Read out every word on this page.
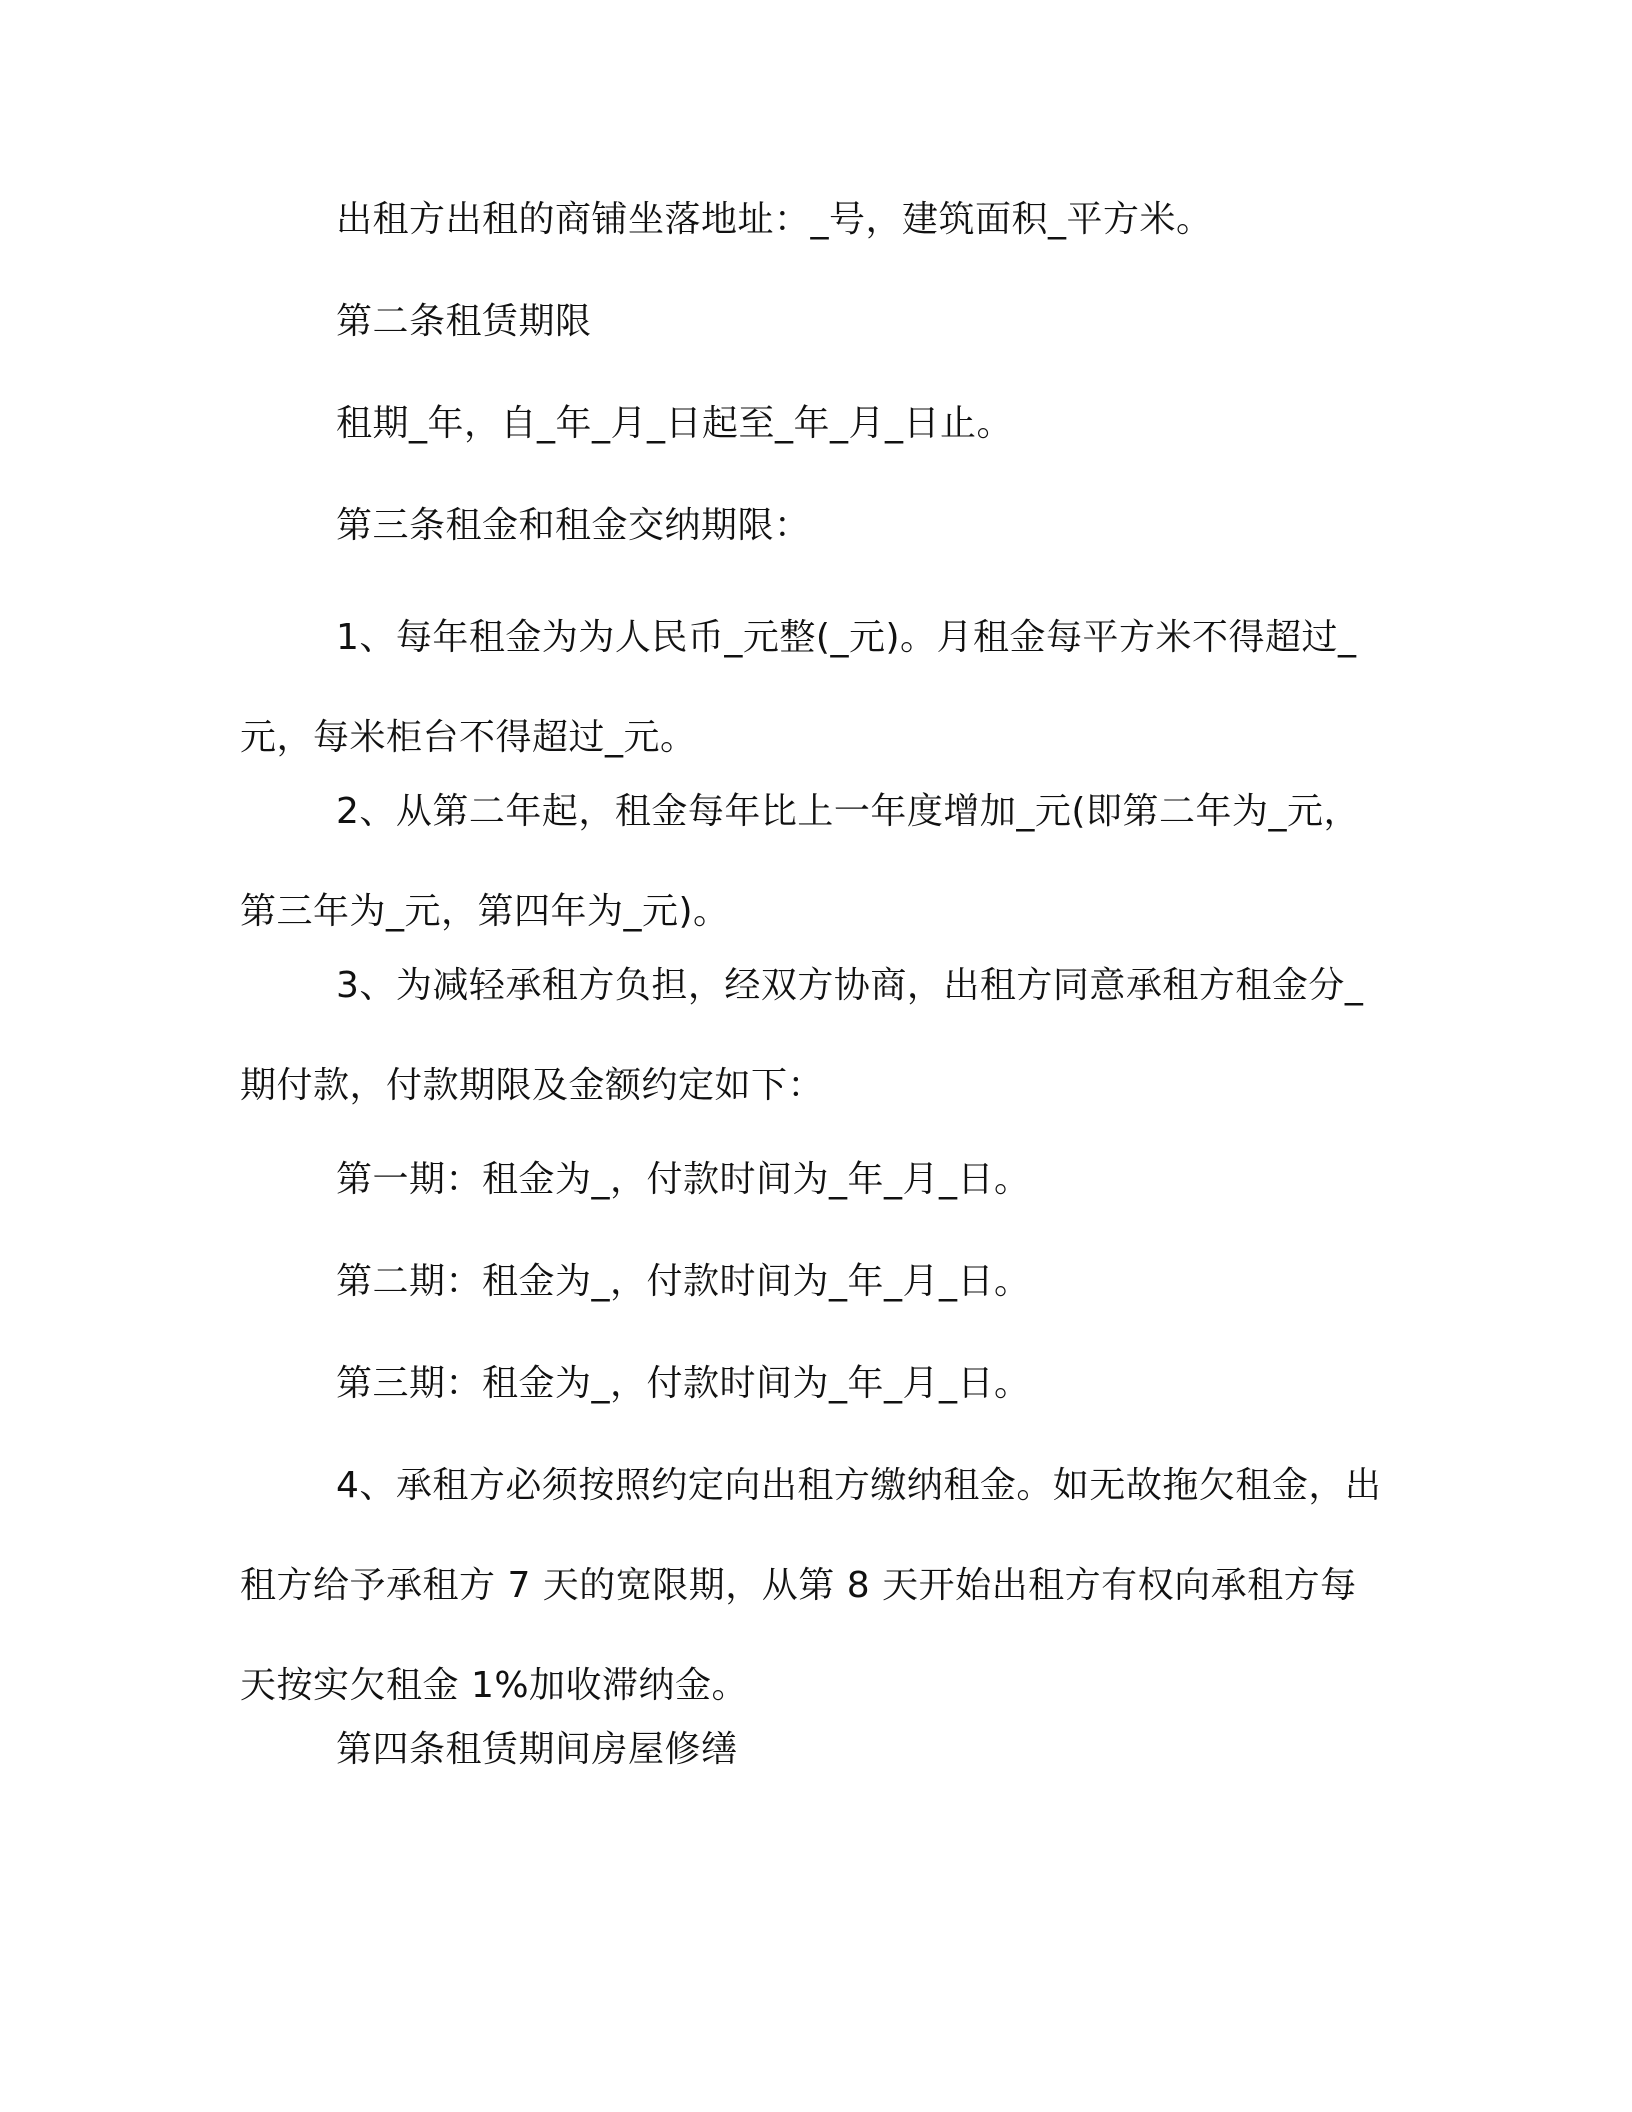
出租方出租的商铺坐落地址：_号，建筑面积_平方米。

第二条租赁期限

租期_年，自_年_月_日起至_年_月_日止。

第三条租金和租金交纳期限：

1、每年租金为为人民币_元整(_元)。月租金每平方米不得超过_元，每米柜台不得超过_元。

2、从第二年起，租金每年比上一年度增加_元(即第二年为_元，第三年为_元，第四年为_元)。

3、为减轻承租方负担，经双方协商，出租方同意承租方租金分_期付款，付款期限及金额约定如下：

第一期：租金为_，付款时间为_年_月_日。

第二期：租金为_，付款时间为_年_月_日。

第三期：租金为_，付款时间为_年_月_日。

4、承租方必须按照约定向出租方缴纳租金。如无故拖欠租金，出租方给予承租方 7 天的宽限期，从第 8 天开始出租方有权向承租方每天按实欠租金 1%加收滞纳金。

第四条租赁期间房屋修缮
